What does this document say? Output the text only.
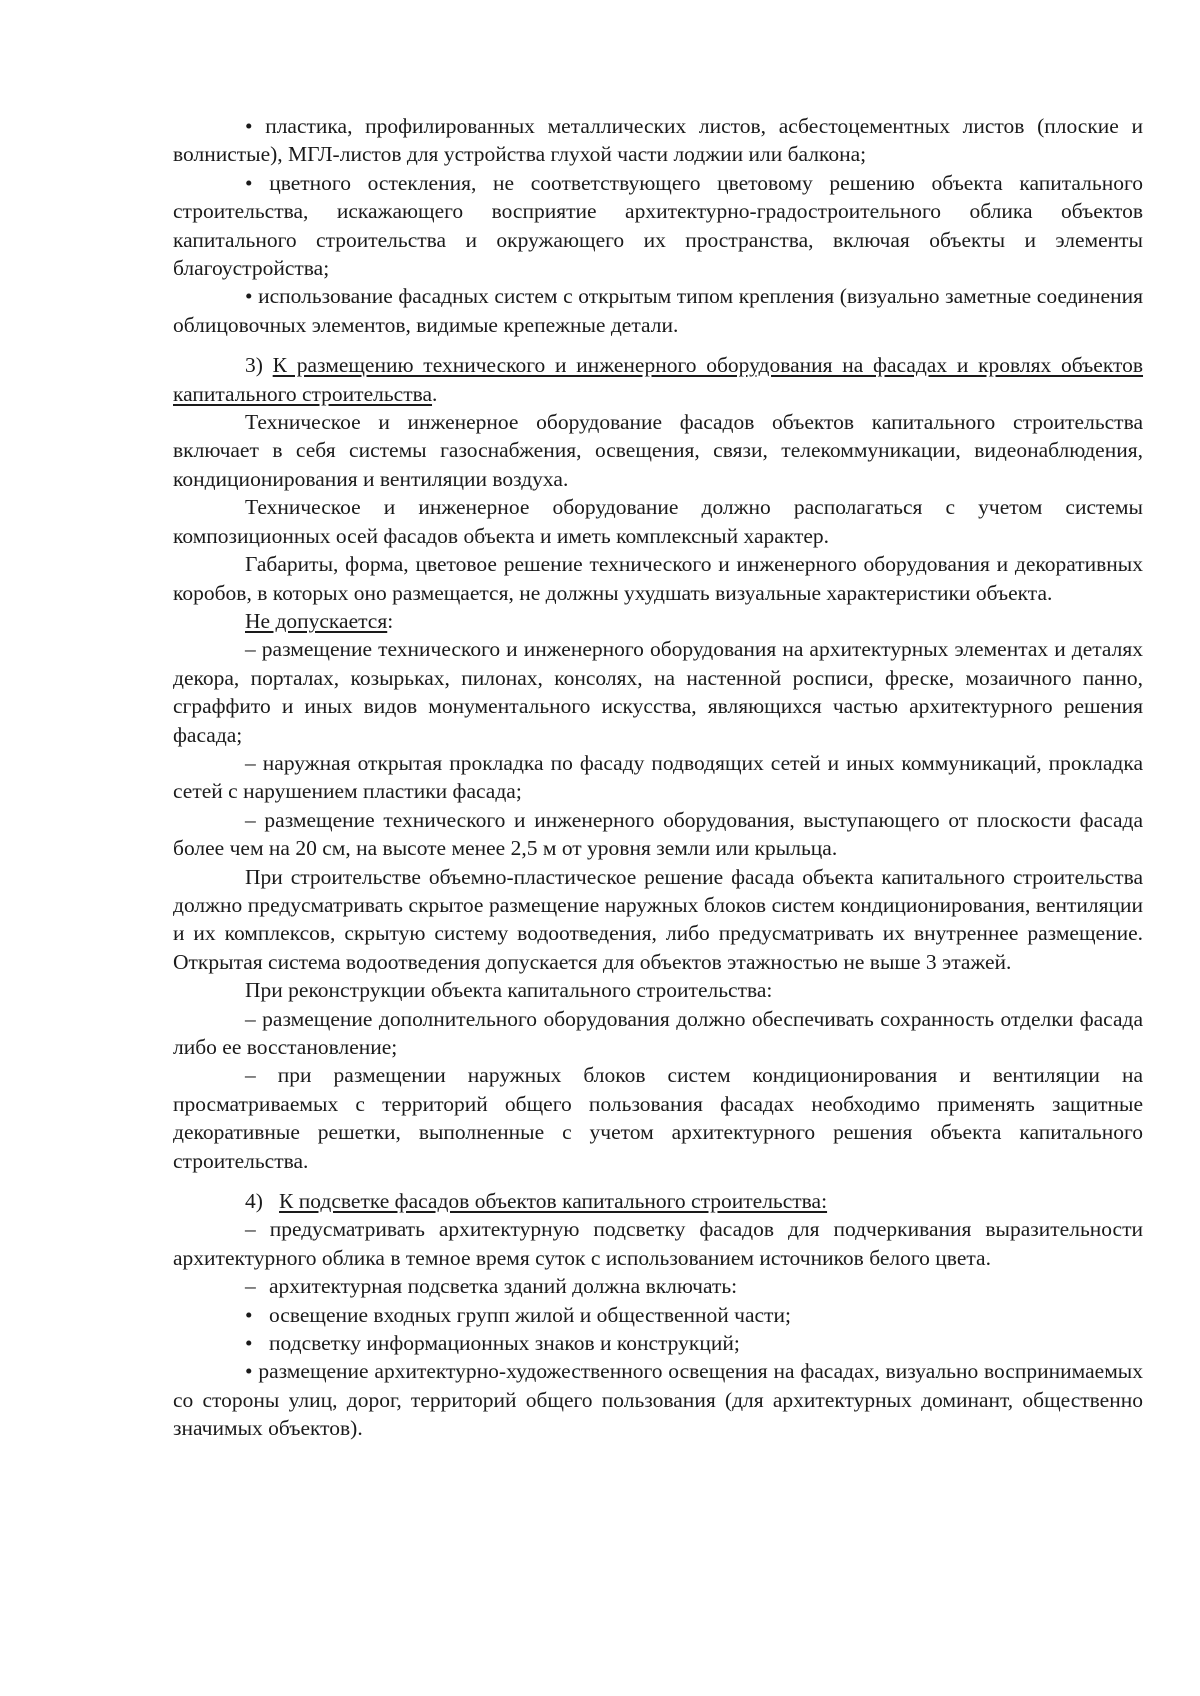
• пластика, профилированных металлических листов, асбестоцементных листов (плоские и волнистые), МГЛ-листов для устройства глухой части лоджии или балкона;

• цветного остекления, не соответствующего цветовому решению объекта капитального строительства, искажающего восприятие архитектурно-градостроительного облика объектов капитального строительства и окружающего их пространства, включая объекты и элементы благоустройства;

• использование фасадных систем с открытым типом крепления (визуально заметные соединения облицовочных элементов, видимые крепежные детали.

3) К размещению технического и инженерного оборудования на фасадах и кровлях объектов капитального строительства.

Техническое и инженерное оборудование фасадов объектов капитального строительства включает в себя системы газоснабжения, освещения, связи, телекоммуникации, видеонаблюдения, кондиционирования и вентиляции воздуха.

Техническое и инженерное оборудование должно располагаться с учетом системы композиционных осей фасадов объекта и иметь комплексный характер.

Габариты, форма, цветовое решение технического и инженерного оборудования и декоративных коробов, в которых оно размещается, не должны ухудшать визуальные характеристики объекта.

Не допускается:

– размещение технического и инженерного оборудования на архитектурных элементах и деталях декора, порталах, козырьках, пилонах, консолях, на настенной росписи, фреске, мозаичного панно, сграффито и иных видов монументального искусства, являющихся частью архитектурного решения фасада;

– наружная открытая прокладка по фасаду подводящих сетей и иных коммуникаций, прокладка сетей с нарушением пластики фасада;

– размещение технического и инженерного оборудования, выступающего от плоскости фасада более чем на 20 см, на высоте менее 2,5 м от уровня земли или крыльца.

При строительстве объемно-пластическое решение фасада объекта капитального строительства должно предусматривать скрытое размещение наружных блоков систем кондиционирования, вентиляции и их комплексов, скрытую систему водоотведения, либо предусматривать их внутреннее размещение. Открытая система водоотведения допускается для объектов этажностью не выше 3 этажей.

При реконструкции объекта капитального строительства:

– размещение дополнительного оборудования должно обеспечивать сохранность отделки фасада либо ее восстановление;

– при размещении наружных блоков систем кондиционирования и вентиляции на просматриваемых с территорий общего пользования фасадах необходимо применять защитные декоративные решетки, выполненные с учетом архитектурного решения объекта капитального строительства.

4) К подсветке фасадов объектов капитального строительства:

– предусматривать архитектурную подсветку фасадов для подчеркивания выразительности архитектурного облика в темное время суток с использованием источников белого цвета.

– архитектурная подсветка зданий должна включать:

• освещение входных групп жилой и общественной части;

• подсветку информационных знаков и конструкций;

• размещение архитектурно-художественного освещения на фасадах, визуально воспринимаемых со стороны улиц, дорог, территорий общего пользования (для архитектурных доминант, общественно значимых объектов).
